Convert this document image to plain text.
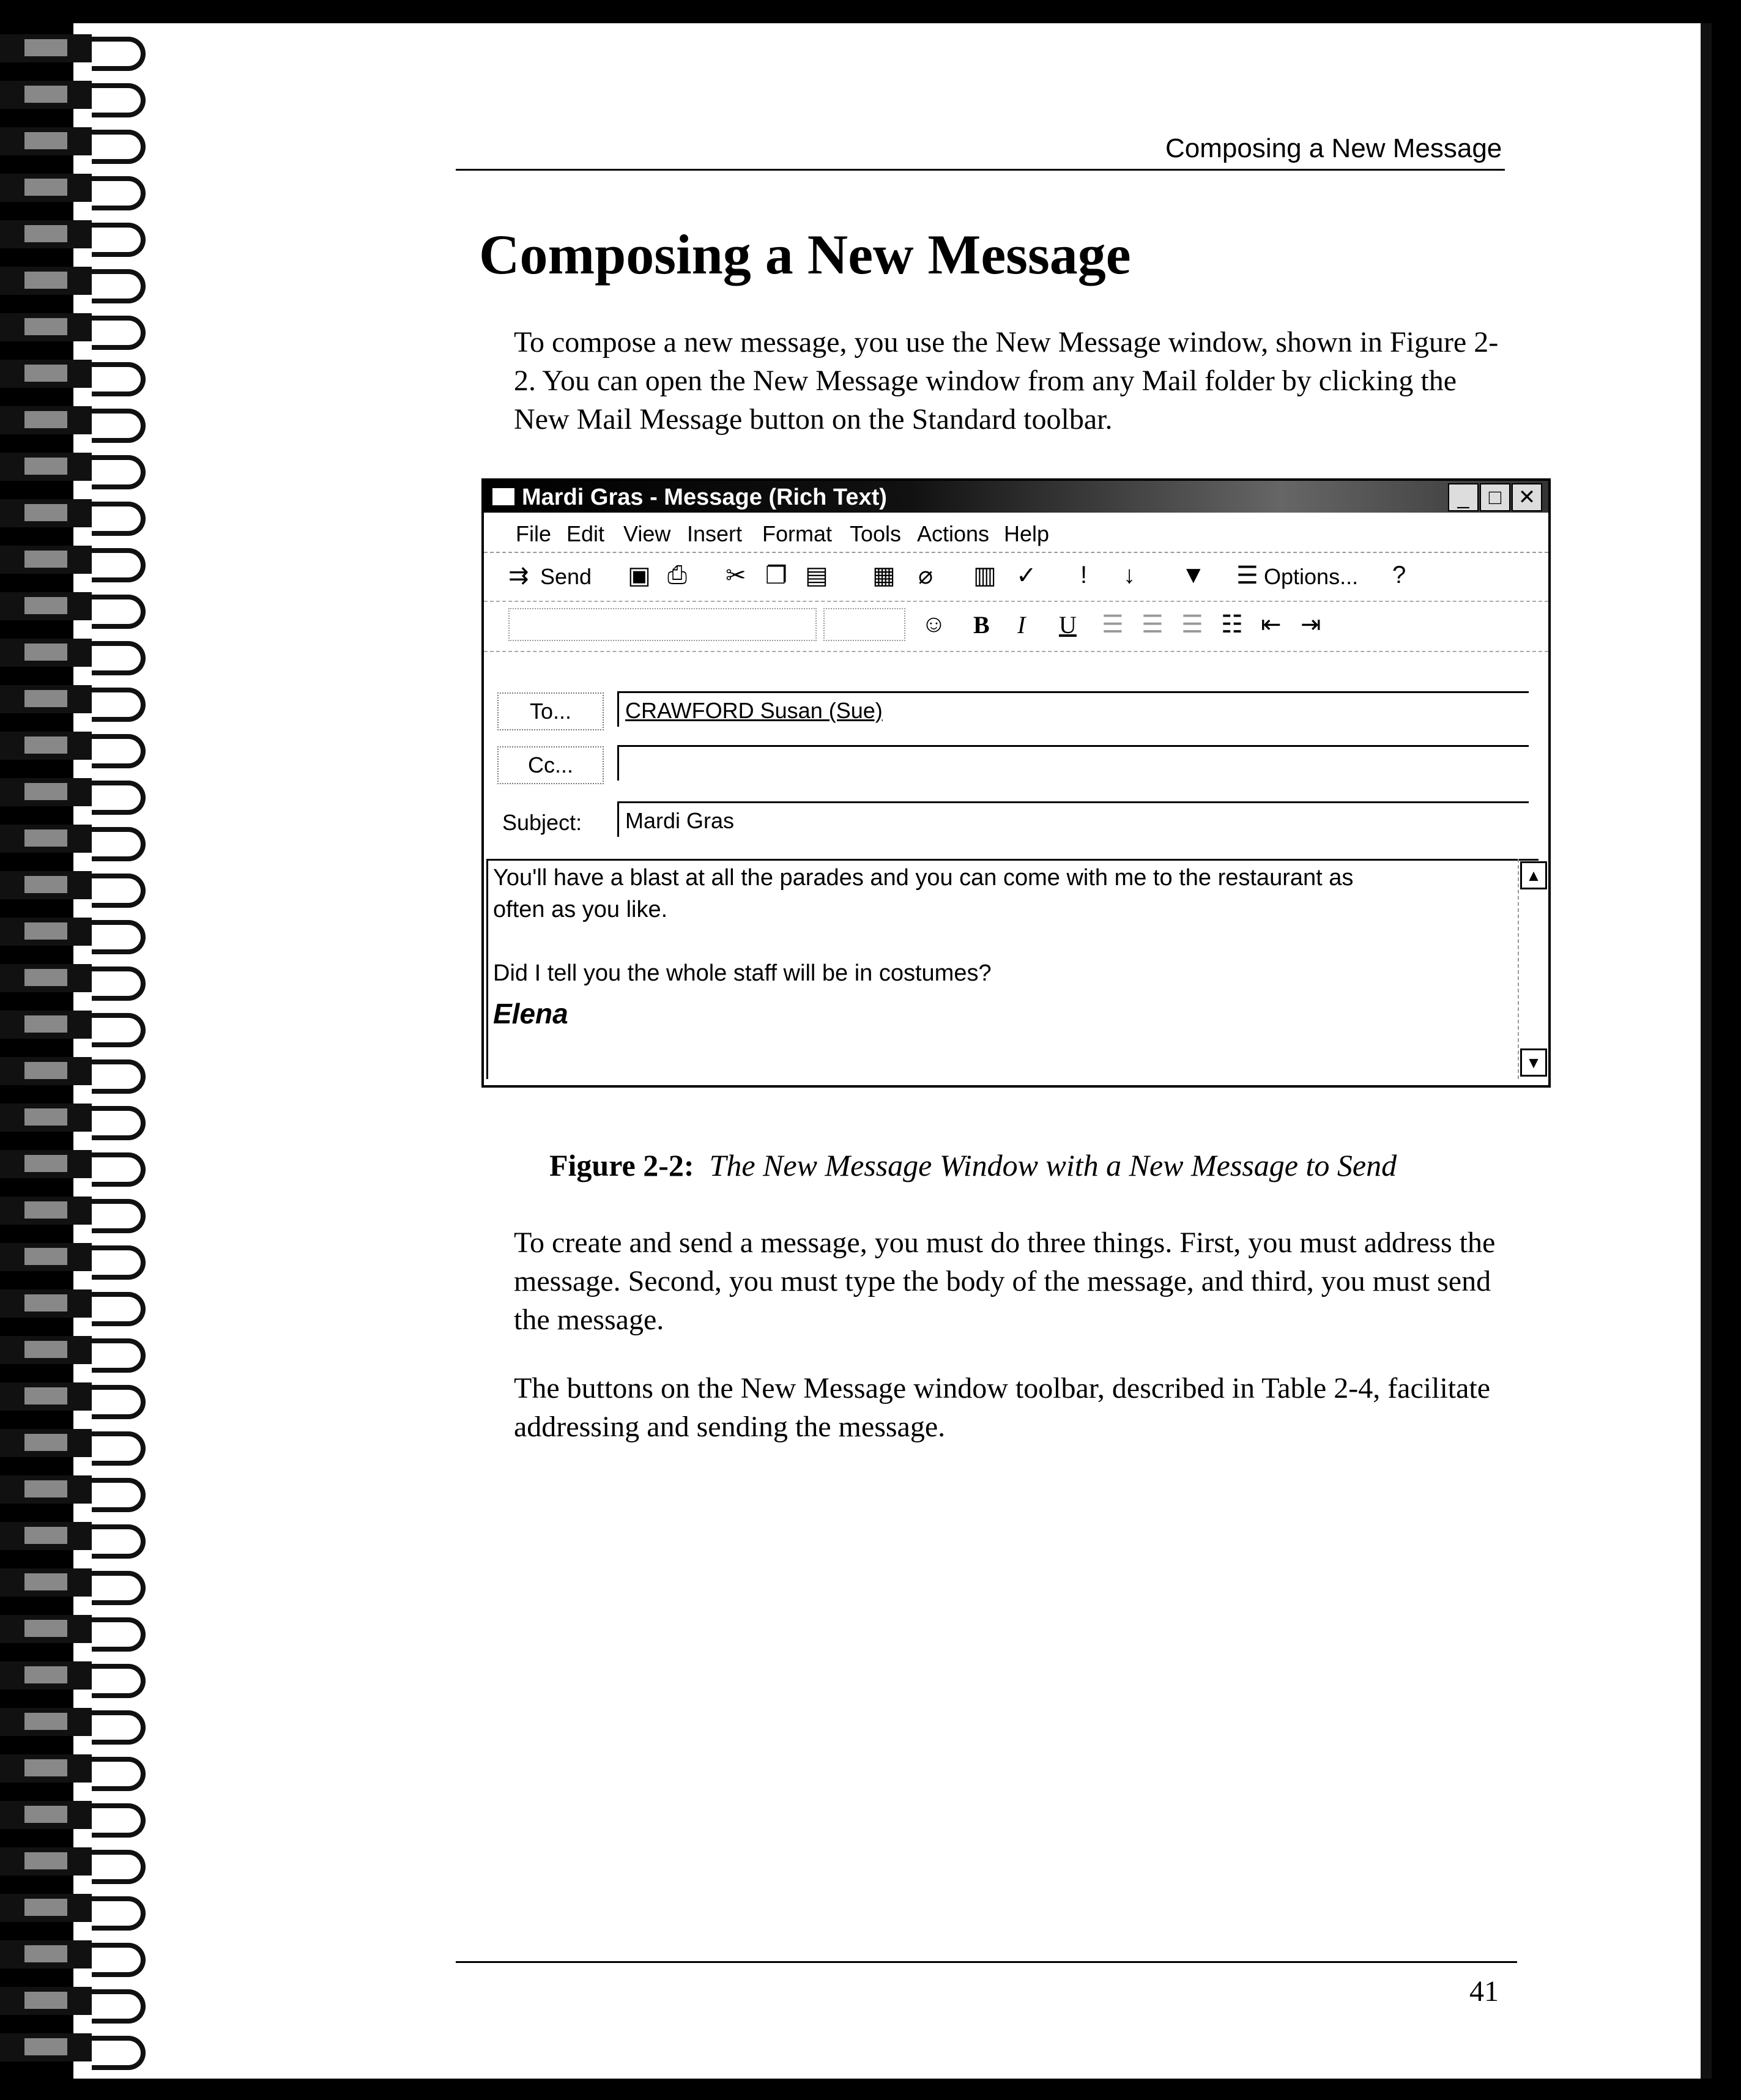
Composing a New Message
Composing a New Message

To compose a new message, you use the New Message window, shown in Figure 2-2. You can open the New Message window from any Mail folder by clicking the New Mail Message button on the Standard toolbar.

Mardi Gras - Message (Rich Text)	_ □ ✕
File Edit View Insert Format Tools Actions Help
⇉ Send ▣ ⎙ ✂ ❐ ▤ ▦ ⌀ ▥ ✓ ! ↓ ▼ ☰ Options... ?
☺ B I U ☰ ☰ ☰ ☷ ⇤ ⇥
To...	CRAWFORD Susan (Sue)
Cc...
Subject:	Mardi Gras
You'll have a blast at all the parades and you can come with me to the restaurant as
often as you like.
Did I tell you the whole staff will be in costumes?
Elena
▲
▼
Figure 2-2: The New Message Window with a New Message to Send

To create and send a message, you must do three things. First, you must address the message. Second, you must type the body of the message, and third, you must send the message.

The buttons on the New Message window toolbar, described in Table 2-4, facilitate addressing and sending the message.

41
